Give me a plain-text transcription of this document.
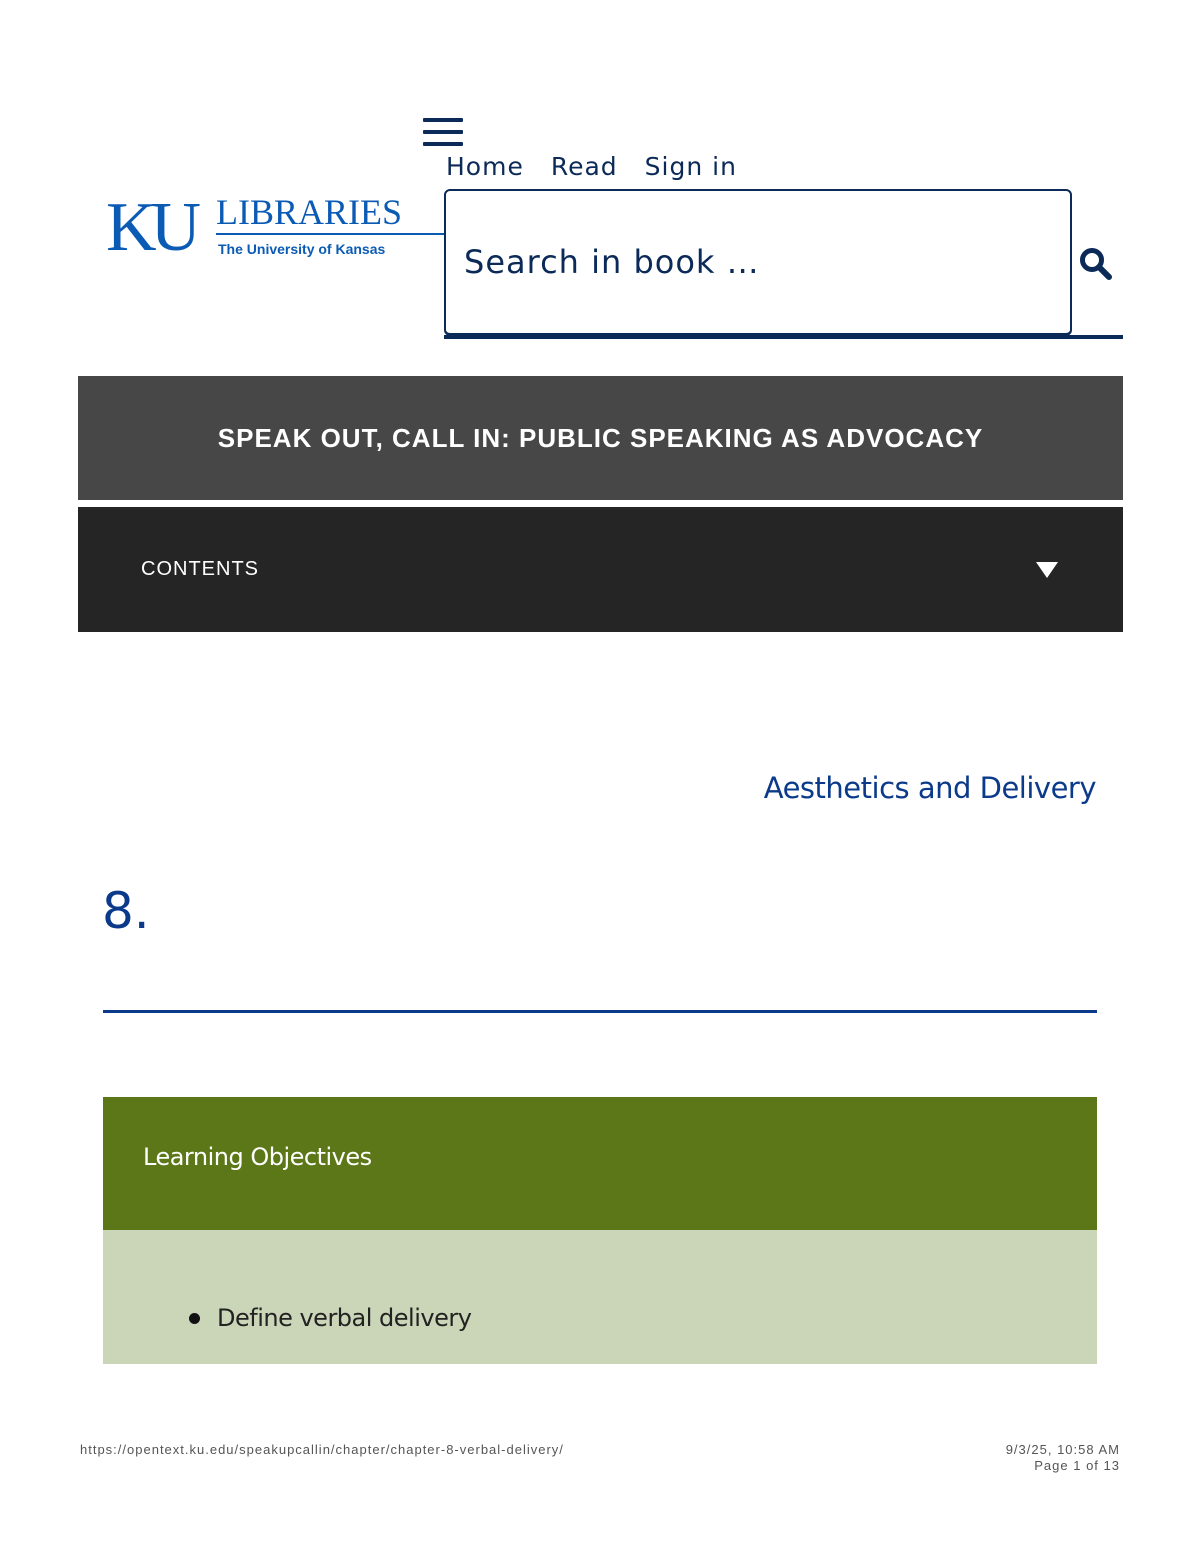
KU LIBRARIES
The University of Kansas
Home Read Sign in
Search in book …
SPEAK OUT, CALL IN: PUBLIC SPEAKING AS ADVOCACY
CONTENTS
Aesthetics and Delivery
8.
Learning Objectives
Define verbal delivery
https://opentext.ku.edu/speakupcallin/chapter/chapter-8-verbal-delivery/	9/3/25, 10:58 AM
Page 1 of 13
